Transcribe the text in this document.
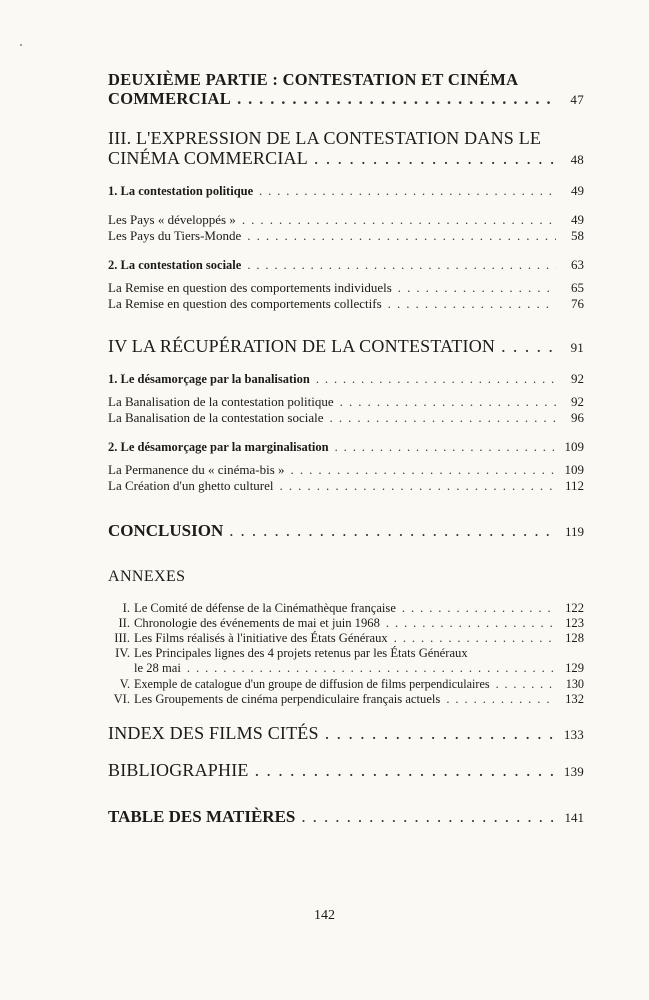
DEUXIÈME PARTIE : CONTESTATION ET CINÉMA
COMMERCIAL . . .	47
III. L'EXPRESSION DE LA CONTESTATION DANS LE
CINÉMA COMMERCIAL . . .	48
1. La contestation politique . . .	49
Les Pays « développés » . . .	49
Les Pays du Tiers-Monde . . .	58
2. La contestation sociale . . .	63
La Remise en question des comportements individuels . . .	65
La Remise en question des comportements collectifs . . .	76
IV LA RÉCUPÉRATION DE LA CONTESTATION . . .	91
1. Le désamorçage par la banalisation . . .	92
La Banalisation de la contestation politique . . .	92
La Banalisation de la contestation sociale . . .	96
2. Le désamorçage par la marginalisation . . .	109
La Permanence du « cinéma-bis » . . .	109
La Création d'un ghetto culturel . . .	112
CONCLUSION . . .	119
ANNEXES
I. Le Comité de défense de la Cinémathèque française . . .	122
II. Chronologie des événements de mai et juin 1968 . . .	123
III. Les Films réalisés à l'initiative des États Généraux . . .	128
IV. Les Principales lignes des 4 projets retenus par les États Généraux
le 28 mai . . .	129
V. Exemple de catalogue d'un groupe de diffusion de films perpendiculaires . . .	130
VI. Les Groupements de cinéma perpendiculaire français actuels . . .	132
INDEX DES FILMS CITÉS . . .	133
BIBLIOGRAPHIE . . .	139
TABLE DES MATIÈRES . . .	141
142
